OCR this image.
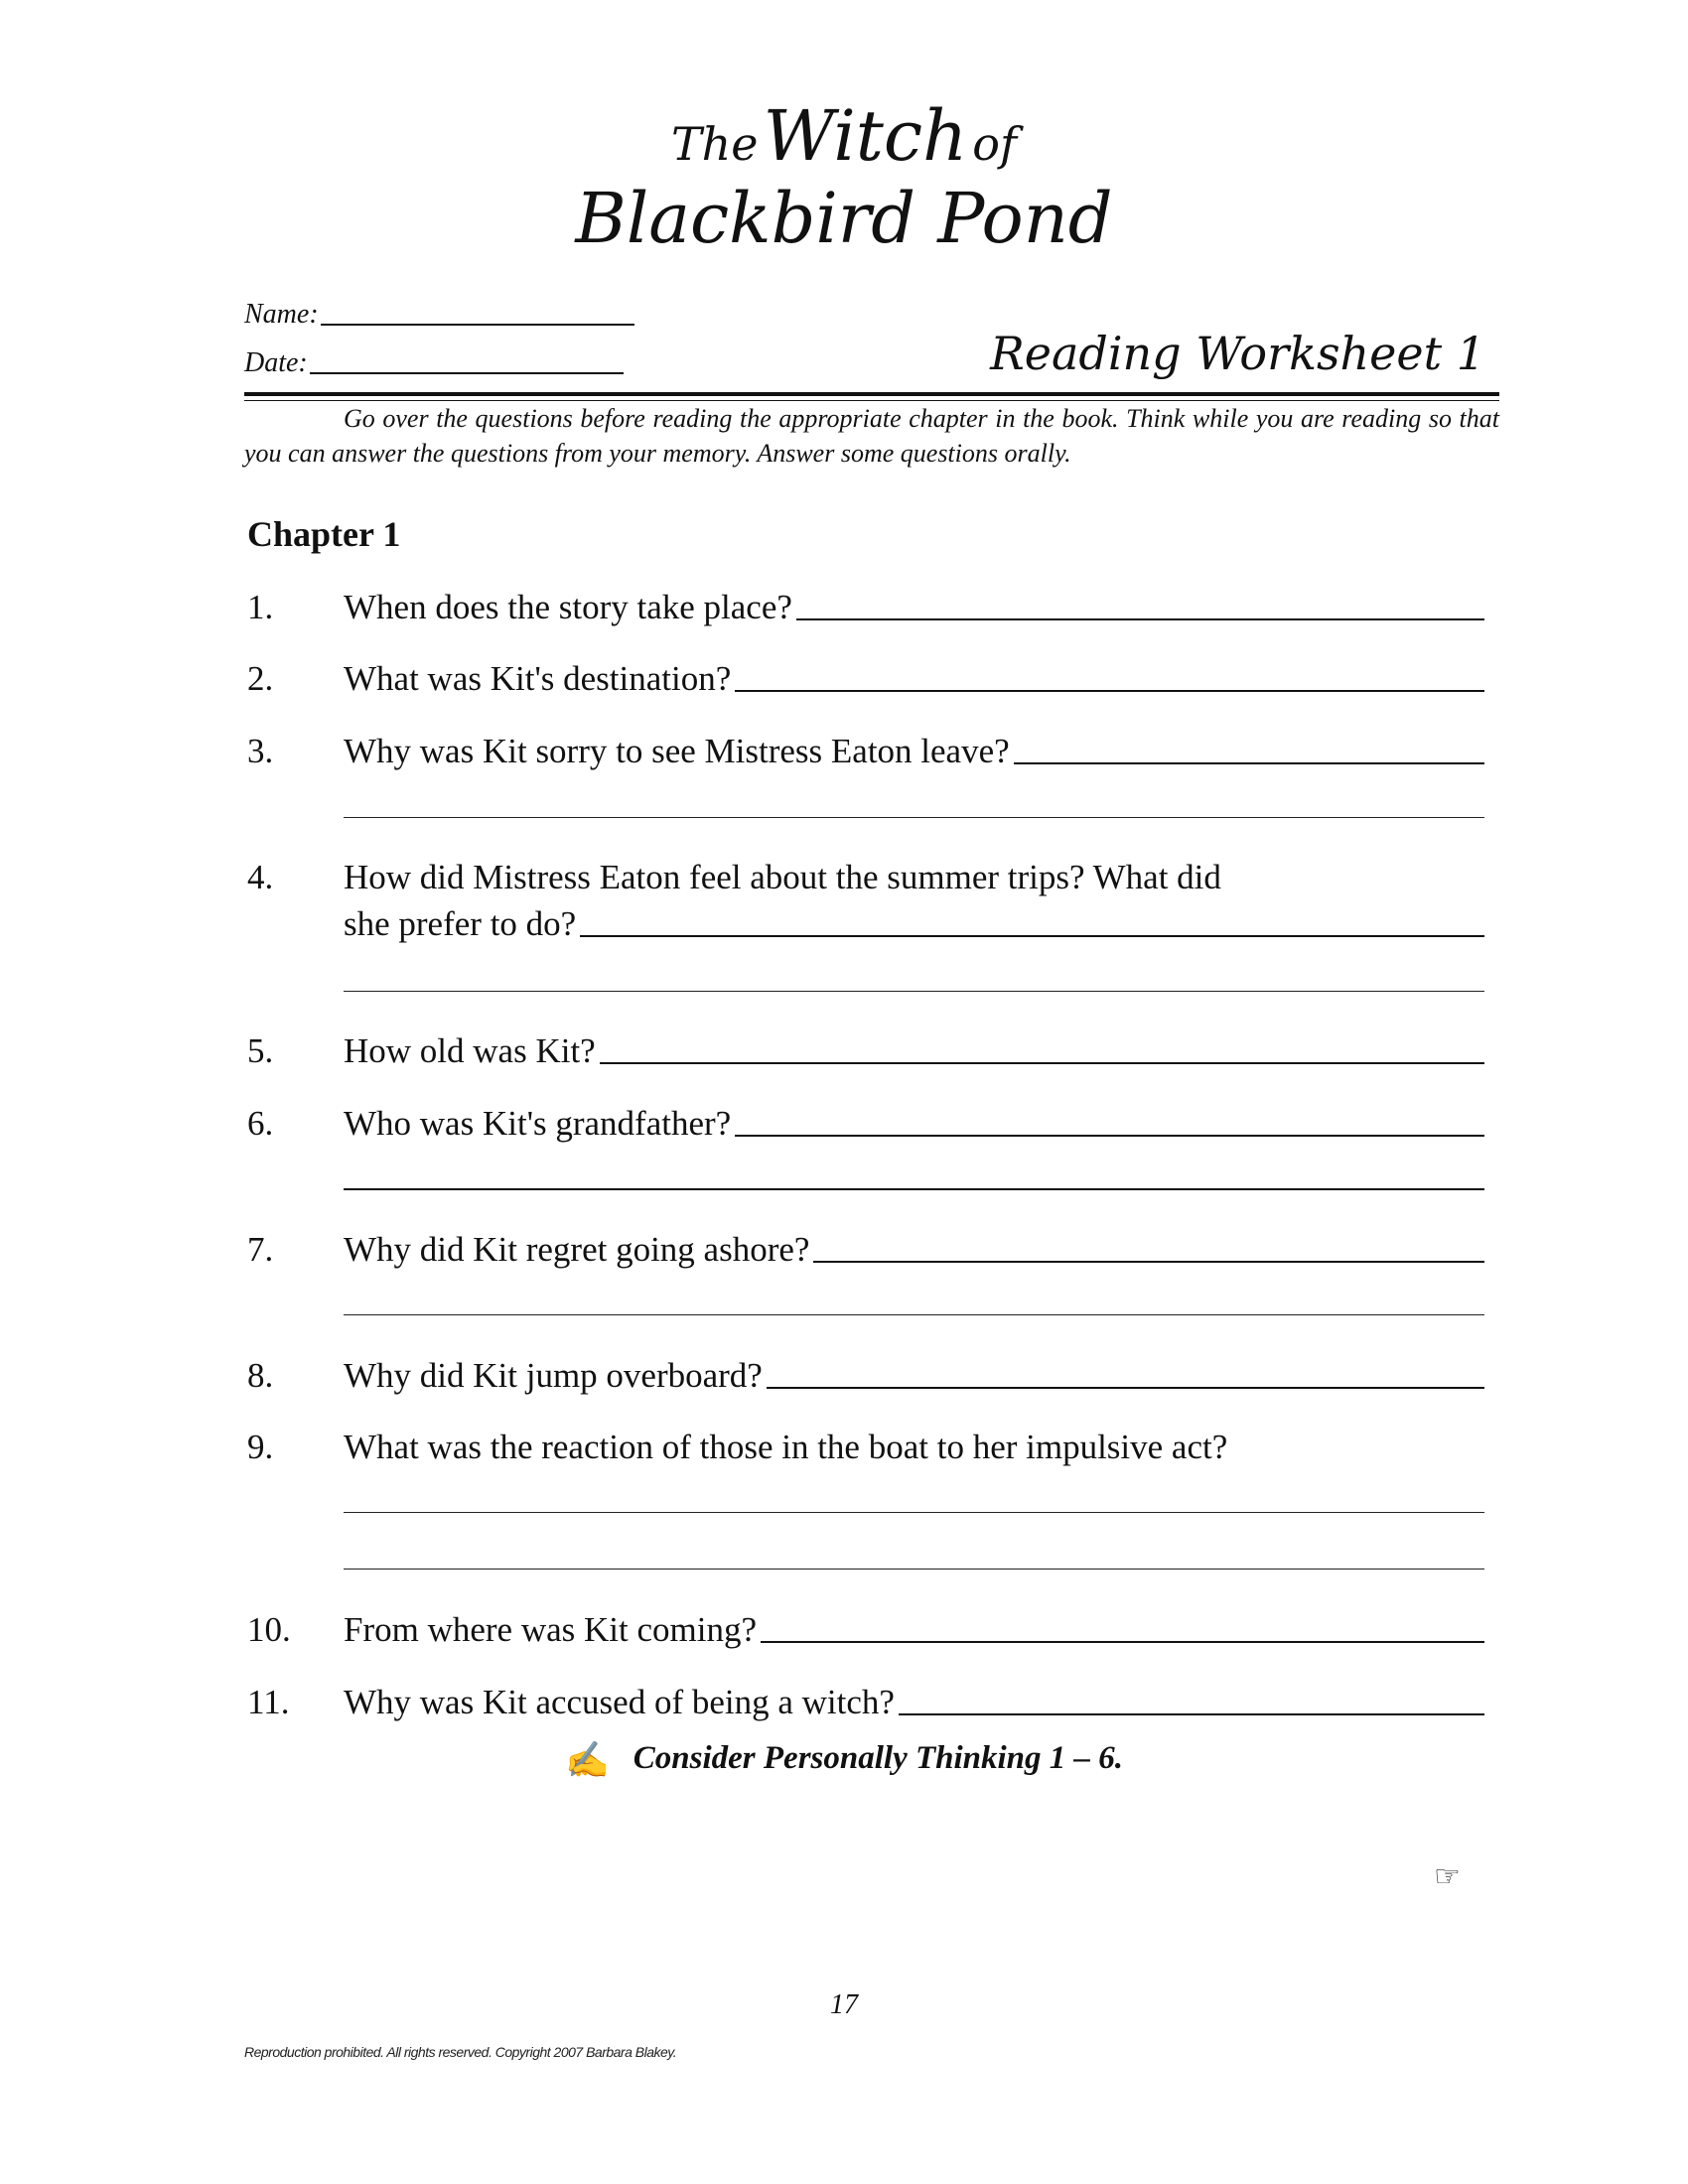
The Witch of
Blackbird Pond
Name:
Date:	Reading Worksheet 1
Go over the questions before reading the appropriate chapter in the book. Think while you are reading so that you can answer the questions from your memory. Answer some questions orally.
Chapter 1
1. When does the story take place?
2. What was Kit's destination?
3. Why was Kit sorry to see Mistress Eaton leave?
4. How did Mistress Eaton feel about the summer trips? What did
she prefer to do?
5. How old was Kit?
6. Who was Kit's grandfather?
7. Why did Kit regret going ashore?
8. Why did Kit jump overboard?
9. What was the reaction of those in the boat to her impulsive act?
10. From where was Kit coming?
11. Why was Kit accused of being a witch?
✍ Consider Personally Thinking 1 – 6.
☞
17
Reproduction prohibited. All rights reserved. Copyright 2007 Barbara Blakey.
